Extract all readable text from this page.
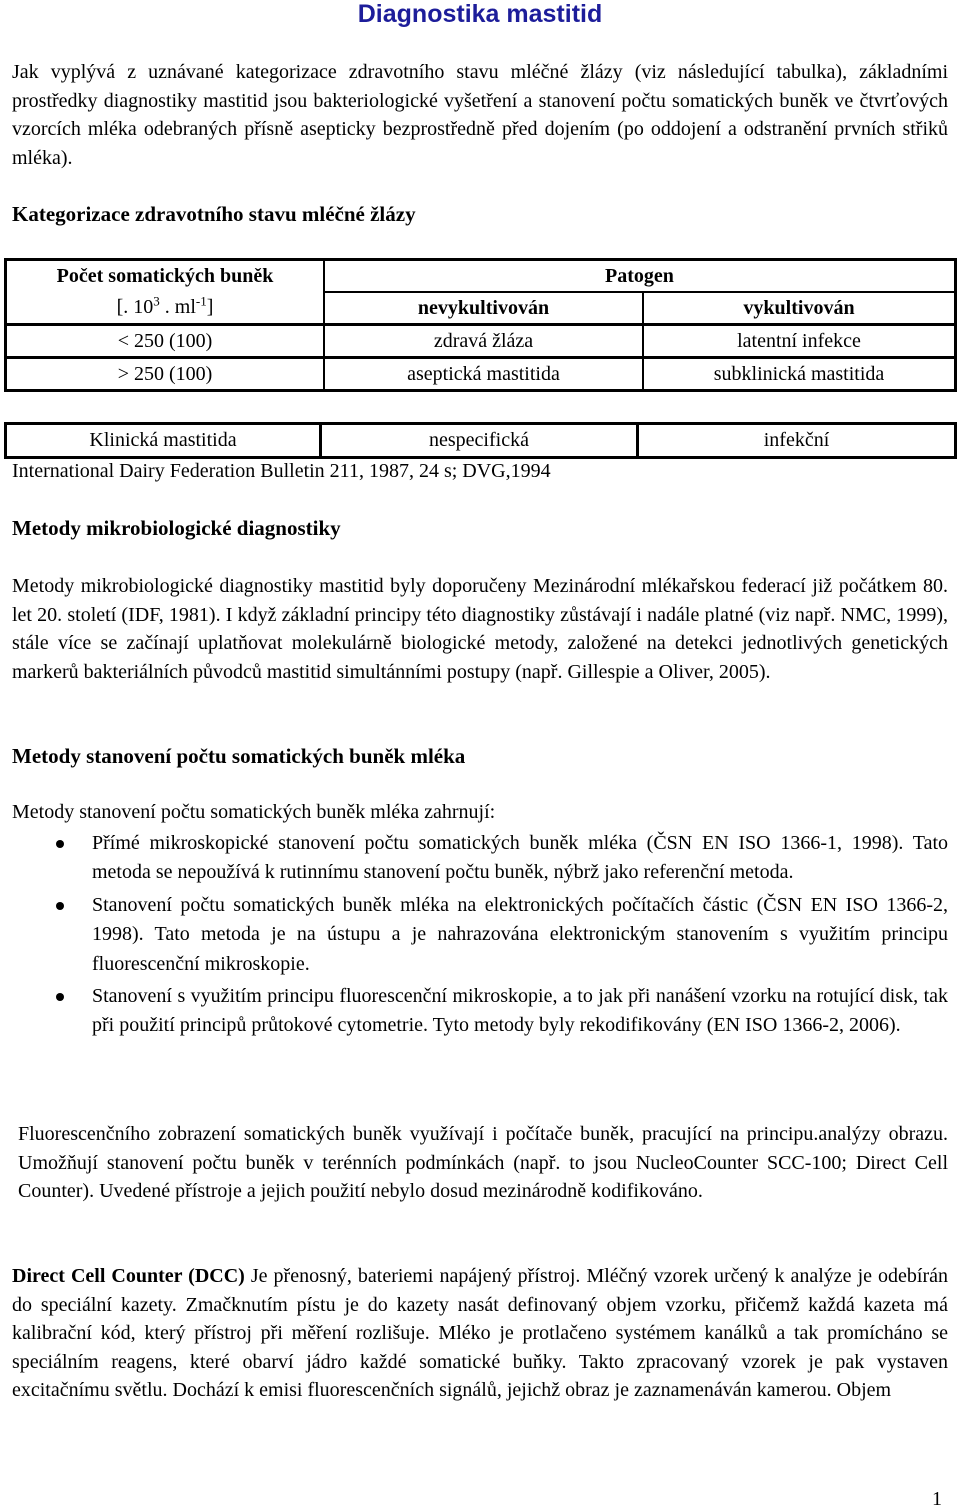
Diagnostika mastitid
Jak vyplývá z uznávané kategorizace zdravotního stavu mléčné žlázy (viz následující tabulka), základními prostředky diagnostiky mastitid jsou bakteriologické vyšetření a stanovení počtu somatických buněk ve čtvrťových vzorcích mléka odebraných přísně asepticky bezprostředně před dojením (po oddojení a odstranění prvních střiků mléka).
Kategorizace zdravotního stavu mléčné žlázy
Počet somatických buněk	Patogen	
[. $10^3$ . $ml^{-1}$]	nevykultivován	vykultivován
< 250 (100)	zdravá žláza	latentní infekce
> 250 (100)	aseptická mastitida	subklinická mastitida
Klinická mastitida	nespecifická	infekční
International Dairy Federation Bulletin 211, 1987, 24 s; DVG,1994
Metody mikrobiologické diagnostiky
Metody mikrobiologické diagnostiky mastitid byly doporučeny Mezinárodní mlékařskou federací již počátkem 80. let 20. století (IDF, 1981). I když základní principy této diagnostiky zůstávají i nadále platné (viz např. NMC, 1999), stále více se začínají uplatňovat molekulárně biologické metody, založené na detekci jednotlivých genetických markerů bakteriálních původců mastitid simultánními postupy (např. Gillespie a Oliver, 2005).
Metody stanovení počtu somatických buněk mléka
Metody stanovení počtu somatických buněk mléka zahrnují:
Přímé mikroskopické stanovení počtu somatických buněk mléka (ČSN EN ISO 1366-1, 1998). Tato metoda se nepoužívá k rutinnímu stanovení počtu buněk, nýbrž jako referenční metoda.
Stanovení počtu somatických buněk mléka na elektronických počítačích částic (ČSN EN ISO 1366-2, 1998). Tato metoda je na ústupu a je nahrazována elektronickým stanovením s využitím principu fluorescenční mikroskopie.
Stanovení s využitím principu fluorescenční mikroskopie, a to jak při nanášení vzorku na rotující disk, tak při použití principů průtokové cytometrie. Tyto metody byly rekodifikovány (EN ISO 1366-2, 2006).
Fluorescenčního zobrazení somatických buněk využívají i počítače buněk, pracující na principu.analýzy obrazu. Umožňují stanovení počtu buněk v terénních podmínkách (např. to jsou NucleoCounter SCC-100; Direct Cell Counter). Uvedené přístroje a jejich použití nebylo dosud mezinárodně kodifikováno.
Direct Cell Counter (DCC) Je přenosný, bateriemi napájený přístroj. Mléčný vzorek určený k analýze je odebírán do speciální kazety. Zmačknutím pístu je do kazety nasát definovaný objem vzorku, přičemž každá kazeta má kalibrační kód, který přístroj při měření rozlišuje. Mléko je protlačeno systémem kanálků a tak promícháno se speciálním reagens, které obarví jádro každé somatické buňky. Takto zpracovaný vzorek je pak vystaven excitačnímu světlu. Dochází k emisi fluorescenčních signálů, jejichž obraz je zaznamenáván kamerou. Objem
1
